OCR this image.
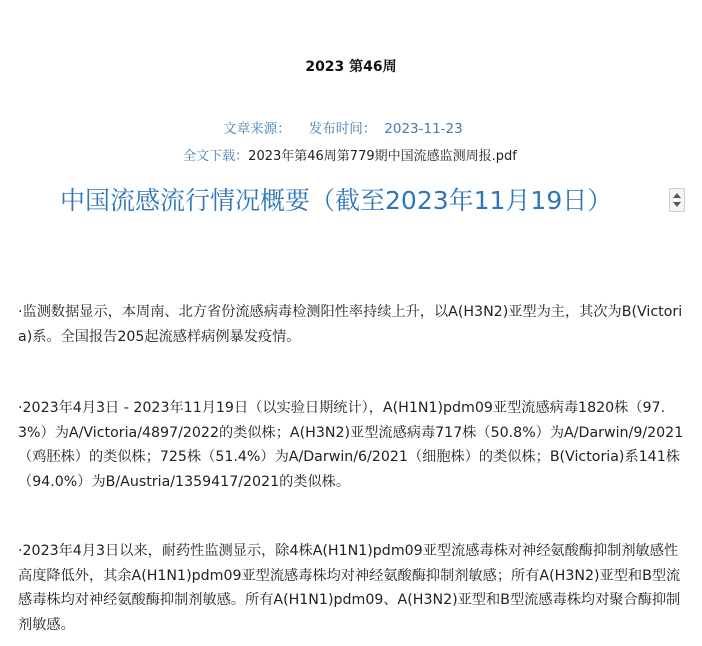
2023 第46周
文章来源： 发布时间： 2023-11-23
全文下载：2023年第46周第779期中国流感监测周报.pdf
中国流感流行情况概要（截至2023年11月19日）
·监测数据显示，本周南、北方省份流感病毒检测阳性率持续上升，以A(H3N2)亚型为主，其次为B(Victoria)系。全国报告205起流感样病例暴发疫情。
·2023年4月3日 - 2023年11月19日（以实验日期统计），A(H1N1)pdm09亚型流感病毒1820株（97.3%）为A/Victoria/4897/2022的类似株；A(H3N2)亚型流感病毒717株（50.8%）为A/Darwin/9/2021（鸡胚株）的类似株；725株（51.4%）为A/Darwin/6/2021（细胞株）的类似株；B(Victoria)系141株（94.0%）为B/Austria/1359417/2021的类似株。
·2023年4月3日以来，耐药性监测显示，除4株A(H1N1)pdm09亚型流感毒株对神经氨酸酶抑制剂敏感性高度降低外，其余A(H1N1)pdm09亚型流感毒株均对神经氨酸酶抑制剂敏感；所有A(H3N2)亚型和B型流感毒株均对神经氨酸酶抑制剂敏感。所有A(H1N1)pdm09、A(H3N2)亚型和B型流感毒株均对聚合酶抑制剂敏感。
